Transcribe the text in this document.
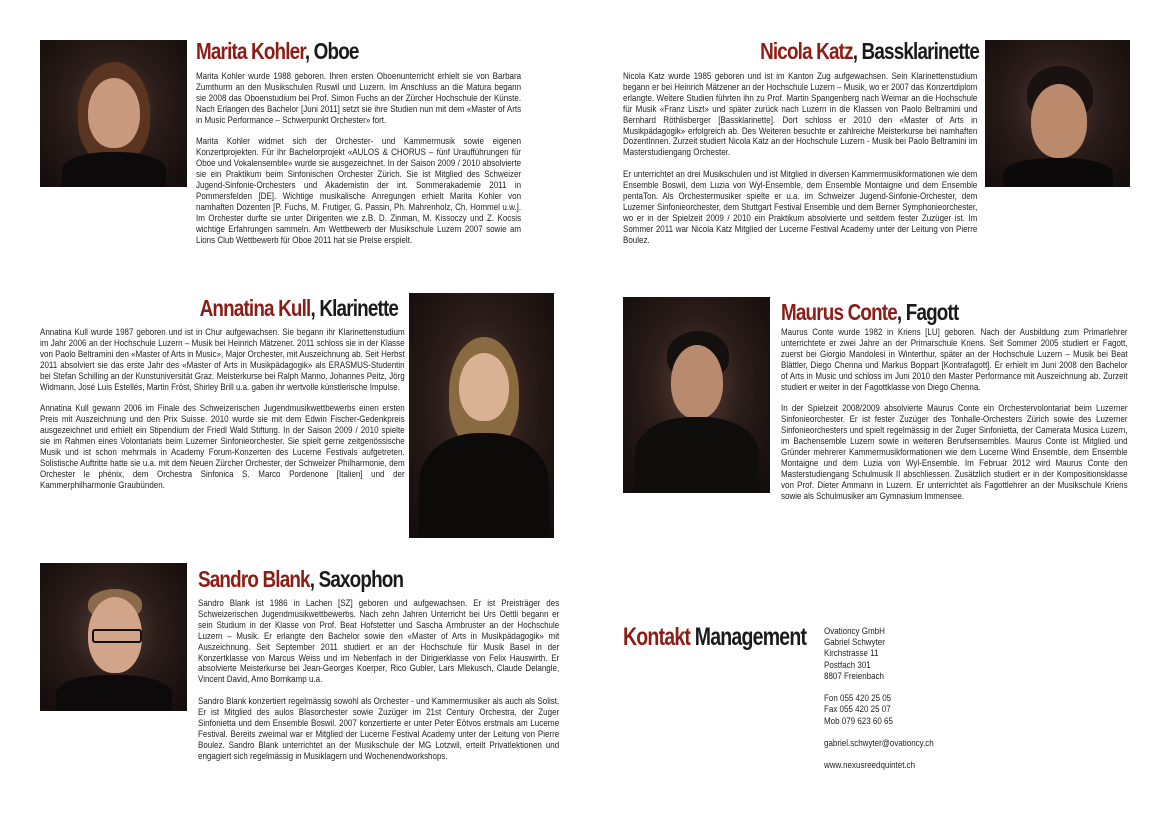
Marita Kohler, Oboe

Marita Kohler wurde 1988 geboren. Ihren ersten Oboenunterricht erhielt sie von Barbara Zumthurm an den Musikschulen Ruswil und Luzern. Im Anschluss an die Matura begann sie 2008 das Oboenstudium bei Prof. Simon Fuchs an der Zürcher Hochschule der Künste. Nach Erlangen des Bachelor [Juni 2011] setzt sie ihre Studien nun mit dem «Master of Arts in Music Performance – Schwerpunkt Orchester» fort.

Marita Kohler widmet sich der Orchester- und Kammermusik sowie eigenen Konzertprojekten. Für ihr Bachelorprojekt «AULOS & CHORUS – fünf Uraufführungen für Oboe und Vokalensemble» wurde sie ausgezeichnet. In der Saison 2009 / 2010 absolvierte sie ein Praktikum beim Sinfonischen Orchester Zürich. Sie ist Mitglied des Schweizer Jugend-Sinfonie-Orchesters und Akademistin der int. Sommerakademie 2011 in Pommersfelden [DE]. Wichtige musikalische Anregungen erhielt Marita Kohler von namhaften Dozenten [P. Fuchs, M. Frutiger, G. Passin, Ph. Mahrenholz, Ch. Hommel u.w.]. Im Orchester durfte sie unter Dirigenten wie z.B. D. Zinman, M. Kissoczy und Z. Kocsis wichtige Erfahrungen sammeln. Am Wettbewerb der Musikschule Luzern 2007 sowie am Lions Club Wettbewerb für Oboe 2011 hat sie Preise erspielt.

Nicola Katz, Bassklarinette

Nicola Katz wurde 1985 geboren und ist im Kanton Zug aufgewachsen. Sein Klarinettenstudium begann er bei Heinrich Mätzener an der Hochschule Luzern – Musik, wo er 2007 das Konzertdiplom erlangte. Weitere Studien führten ihn zu Prof. Martin Spangenberg nach Weimar an die Hochschule für Musik «Franz Liszt» und später zurück nach Luzern in die Klassen von Paolo Beltramini und Bernhard Röthlisberger [Bassklarinette]. Dort schloss er 2010 den «Master of Arts in Musikpädagogik» erfolgreich ab. Des Weiteren besuchte er zahlreiche Meisterkurse bei namhaften DozentInnen. Zurzeit studiert Nicola Katz an der Hochschule Luzern - Musik bei Paolo Beltramini im Masterstudiengang Orchester.

Er unterrichtet an drei Musikschulen und ist Mitglied in diversen Kammermusikformationen wie dem Ensemble Boswil, dem Luzia von Wyl-Ensemble, dem Ensemble Montaigne und dem Ensemble pentaTon. Als Orchestermusiker spielte er u.a. im Schweizer Jugend-Sinfonie-Orchester, dem Luzerner Sinfonieorchester, dem Stuttgart Festival Ensemble und dem Berner Symphonieorchester, wo er in der Spielzeit 2009 / 2010 ein Praktikum absolvierte und seitdem fester Zuzüger ist. Im Sommer 2011 war Nicola Katz Mitglied der Lucerne Festival Academy unter der Leitung von Pierre Boulez.

Annatina Kull, Klarinette

Annatina Kull wurde 1987 geboren und ist in Chur aufgewachsen. Sie begann ihr Klarinettenstudium im Jahr 2006 an der Hochschule Luzern – Musik bei Heinrich Mätzener. 2011 schloss sie in der Klasse von Paolo Beltramini den «Master of Arts in Music», Major Orchester, mit Auszeichnung ab. Seit Herbst 2011 absolviert sie das erste Jahr des «Master of Arts in Musikpädagogik» als ERASMUS-Studentin bei Stefan Schilling an der Kunstuniversität Graz. Meisterkurse bei Ralph Manno, Johannes Peitz, Jörg Widmann, José Luis Estellés, Martin Fröst, Shirley Brill u.a. gaben ihr wertvolle künstlerische Impulse.

Annatina Kull gewann 2006 im Finale des Schweizerischen Jugendmusikwettbewerbs einen ersten Preis mit Auszeichnung und den Prix Suisse. 2010 wurde sie mit dem Edwin Fischer-Gedenkpreis ausgezeichnet und erhielt ein Stipendium der Friedl Wald Stiftung. In der Saison 2009 / 2010 spielte sie im Rahmen eines Volontariats beim Luzerner Sinfonieorchester. Sie spielt gerne zeitgenössische Musik und ist schon mehrmals in Academy Forum-Konzerten des Lucerne Festivals aufgetreten. Solistische Auftritte hatte sie u.a. mit dem Neuen Zürcher Orchester, der Schweizer Philharmonie, dem Orchester le phénix, dem Orchestra Sinfonica S. Marco Pordenone [Italien] und der Kammerphilharmonie Graubünden.

Maurus Conte, Fagott

Maurus Conte wurde 1982 in Kriens [LU] geboren. Nach der Ausbildung zum Primarlehrer unterrichtete er zwei Jahre an der Primarschule Kriens. Seit Sommer 2005 studiert er Fagott, zuerst bei Giorgio Mandolesi in Winterthur, später an der Hochschule Luzern – Musik bei Beat Blättler, Diego Chenna und Markus Boppart [Kontrafagott]. Er erhielt im Juni 2008 den Bachelor of Arts in Music und schloss im Juni 2010 den Master Performance mit Auszeichnung ab. Zurzeit studiert er weiter in der Fagottklasse von Diego Chenna.

In der Spielzeit 2008/2009 absolvierte Maurus Conte ein Orchestervolontariat beim Luzerner Sinfonieorchester. Er ist fester Zuzüger des Tonhalle-Orchesters Zürich sowie des Luzerner Sinfonieorchesters und spielt regelmässig in der Zuger Sinfonietta, der Camerata Musica Luzern, im Bachensemble Luzern sowie in weiteren Berufsensembles. Maurus Conte ist Mitglied und Gründer mehrerer Kammermusikformationen wie dem Lucerne Wind Ensemble, dem Ensemble Montaigne und dem Luzia von Wyl-Ensemble. Im Februar 2012 wird Maurus Conte den Masterstudiengang Schulmusik II abschliessen. Zusätzlich studiert er in der Kompositionsklasse von Prof. Dieter Ammann in Luzern. Er unterrichtet als Fagottlehrer an der Musikschule Kriens sowie als Schulmusiker am Gymnasium Immensee.

Sandro Blank, Saxophon

Sandro Blank ist 1986 in Lachen [SZ] geboren und aufgewachsen. Er ist Preisträger des Schweizerischen Jugendmusikwettbewerbs. Nach zehn Jahren Unterricht bei Urs Oettli begann er sein Studium in der Klasse von Prof. Beat Hofstetter und Sascha Armbruster an der Hochschule Luzern – Musik. Er erlangte den Bachelor sowie den «Master of Arts in Musikpädagogik» mit Auszeichnung. Seit September 2011 studiert er an der Hochschule für Musik Basel in der Konzertklasse von Marcus Weiss und im Nebenfach in der Dirigierklasse von Felix Hauswirth. Er absolvierte Meisterkurse bei Jean-Georges Koerper, Rico Gubler, Lars Mlekusch, Claude Delangle, Vincent David, Arno Bornkamp u.a.

Sandro Blank konzertiert regelmässig sowohl als Orchester - und Kammermusiker als auch als Solist. Er ist Mitglied des aulos Blasorchester sowie Zuzüger im 21st Century Orchestra, der Zuger Sinfonietta und dem Ensemble Boswil. 2007 konzertierte er unter Peter Eötvos erstmals am Lucerne Festival. Bereits zweimal war er Mitglied der Lucerne Festival Academy unter der Leitung von Pierre Boulez. Sandro Blank unterrichtet an der Musikschule der MG Lotzwil, erteilt Privatlektionen und engagiert sich regelmässig in Musiklagern und Wochenendworkshops.

Kontakt Management Ovationcy GmbH
Gabriel Schwyter
Kirchstrasse 11
Postfach 301
8807 Freienbach
Fon 055 420 25 05
Fax 055 420 25 07
Mob 079 623 60 65
gabriel.schwyter@ovationcy.ch
www.nexusreedquintet.ch
